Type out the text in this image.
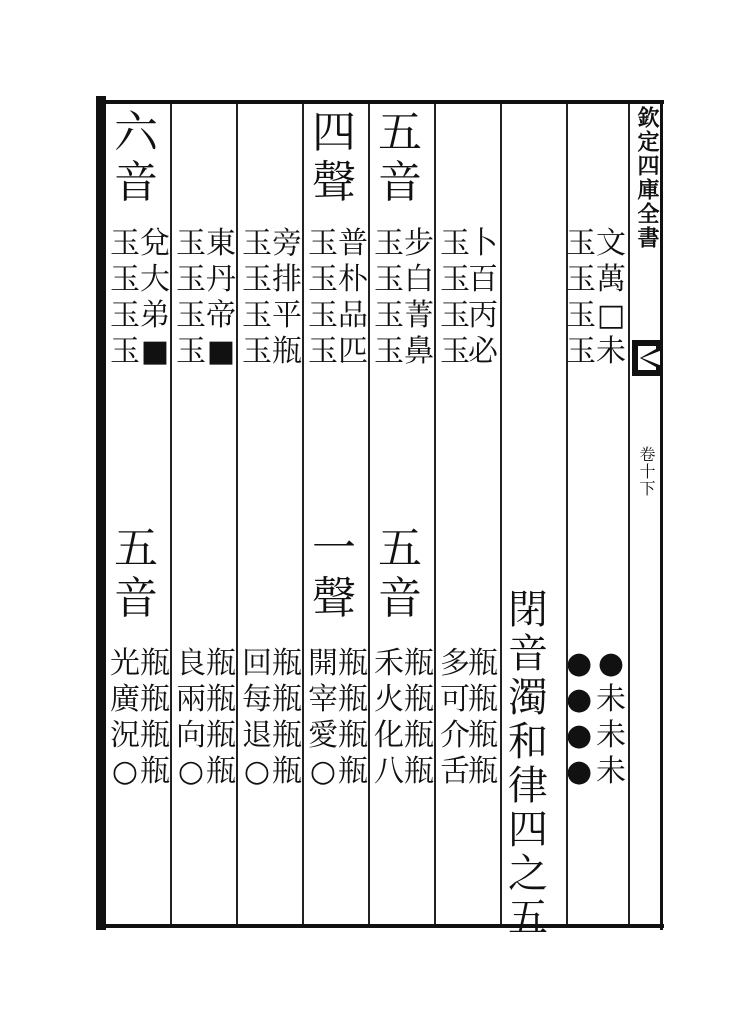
欽定四庫全書
卷十下
文
萬
□
未
玉
玉
玉
玉
●
未
未
未
●
●
●
●
閉
音
濁
和
律
四
之
五
卜
百
丙
必
玉
玉
玉
玉
瓶
瓶
瓶
瓶
多
可
介
舌
五
音
步
白
菁
鼻
玉
玉
玉
玉
五
音
瓶
瓶
瓶
瓶
禾
火
化
八
四
聲
普
朴
品
匹
玉
玉
玉
玉
一
聲
瓶
瓶
瓶
瓶
開
宰
愛
○
旁
排
平
瓶
玉
玉
玉
玉
瓶
瓶
瓶
瓶
回
每
退
○
東
丹
帝
■
玉
玉
玉
玉
瓶
瓶
瓶
瓶
良
兩
向
○
六
音
兌
大
弟
■
玉
玉
玉
玉
五
音
瓶
瓶
瓶
瓶
光
廣
況
○
